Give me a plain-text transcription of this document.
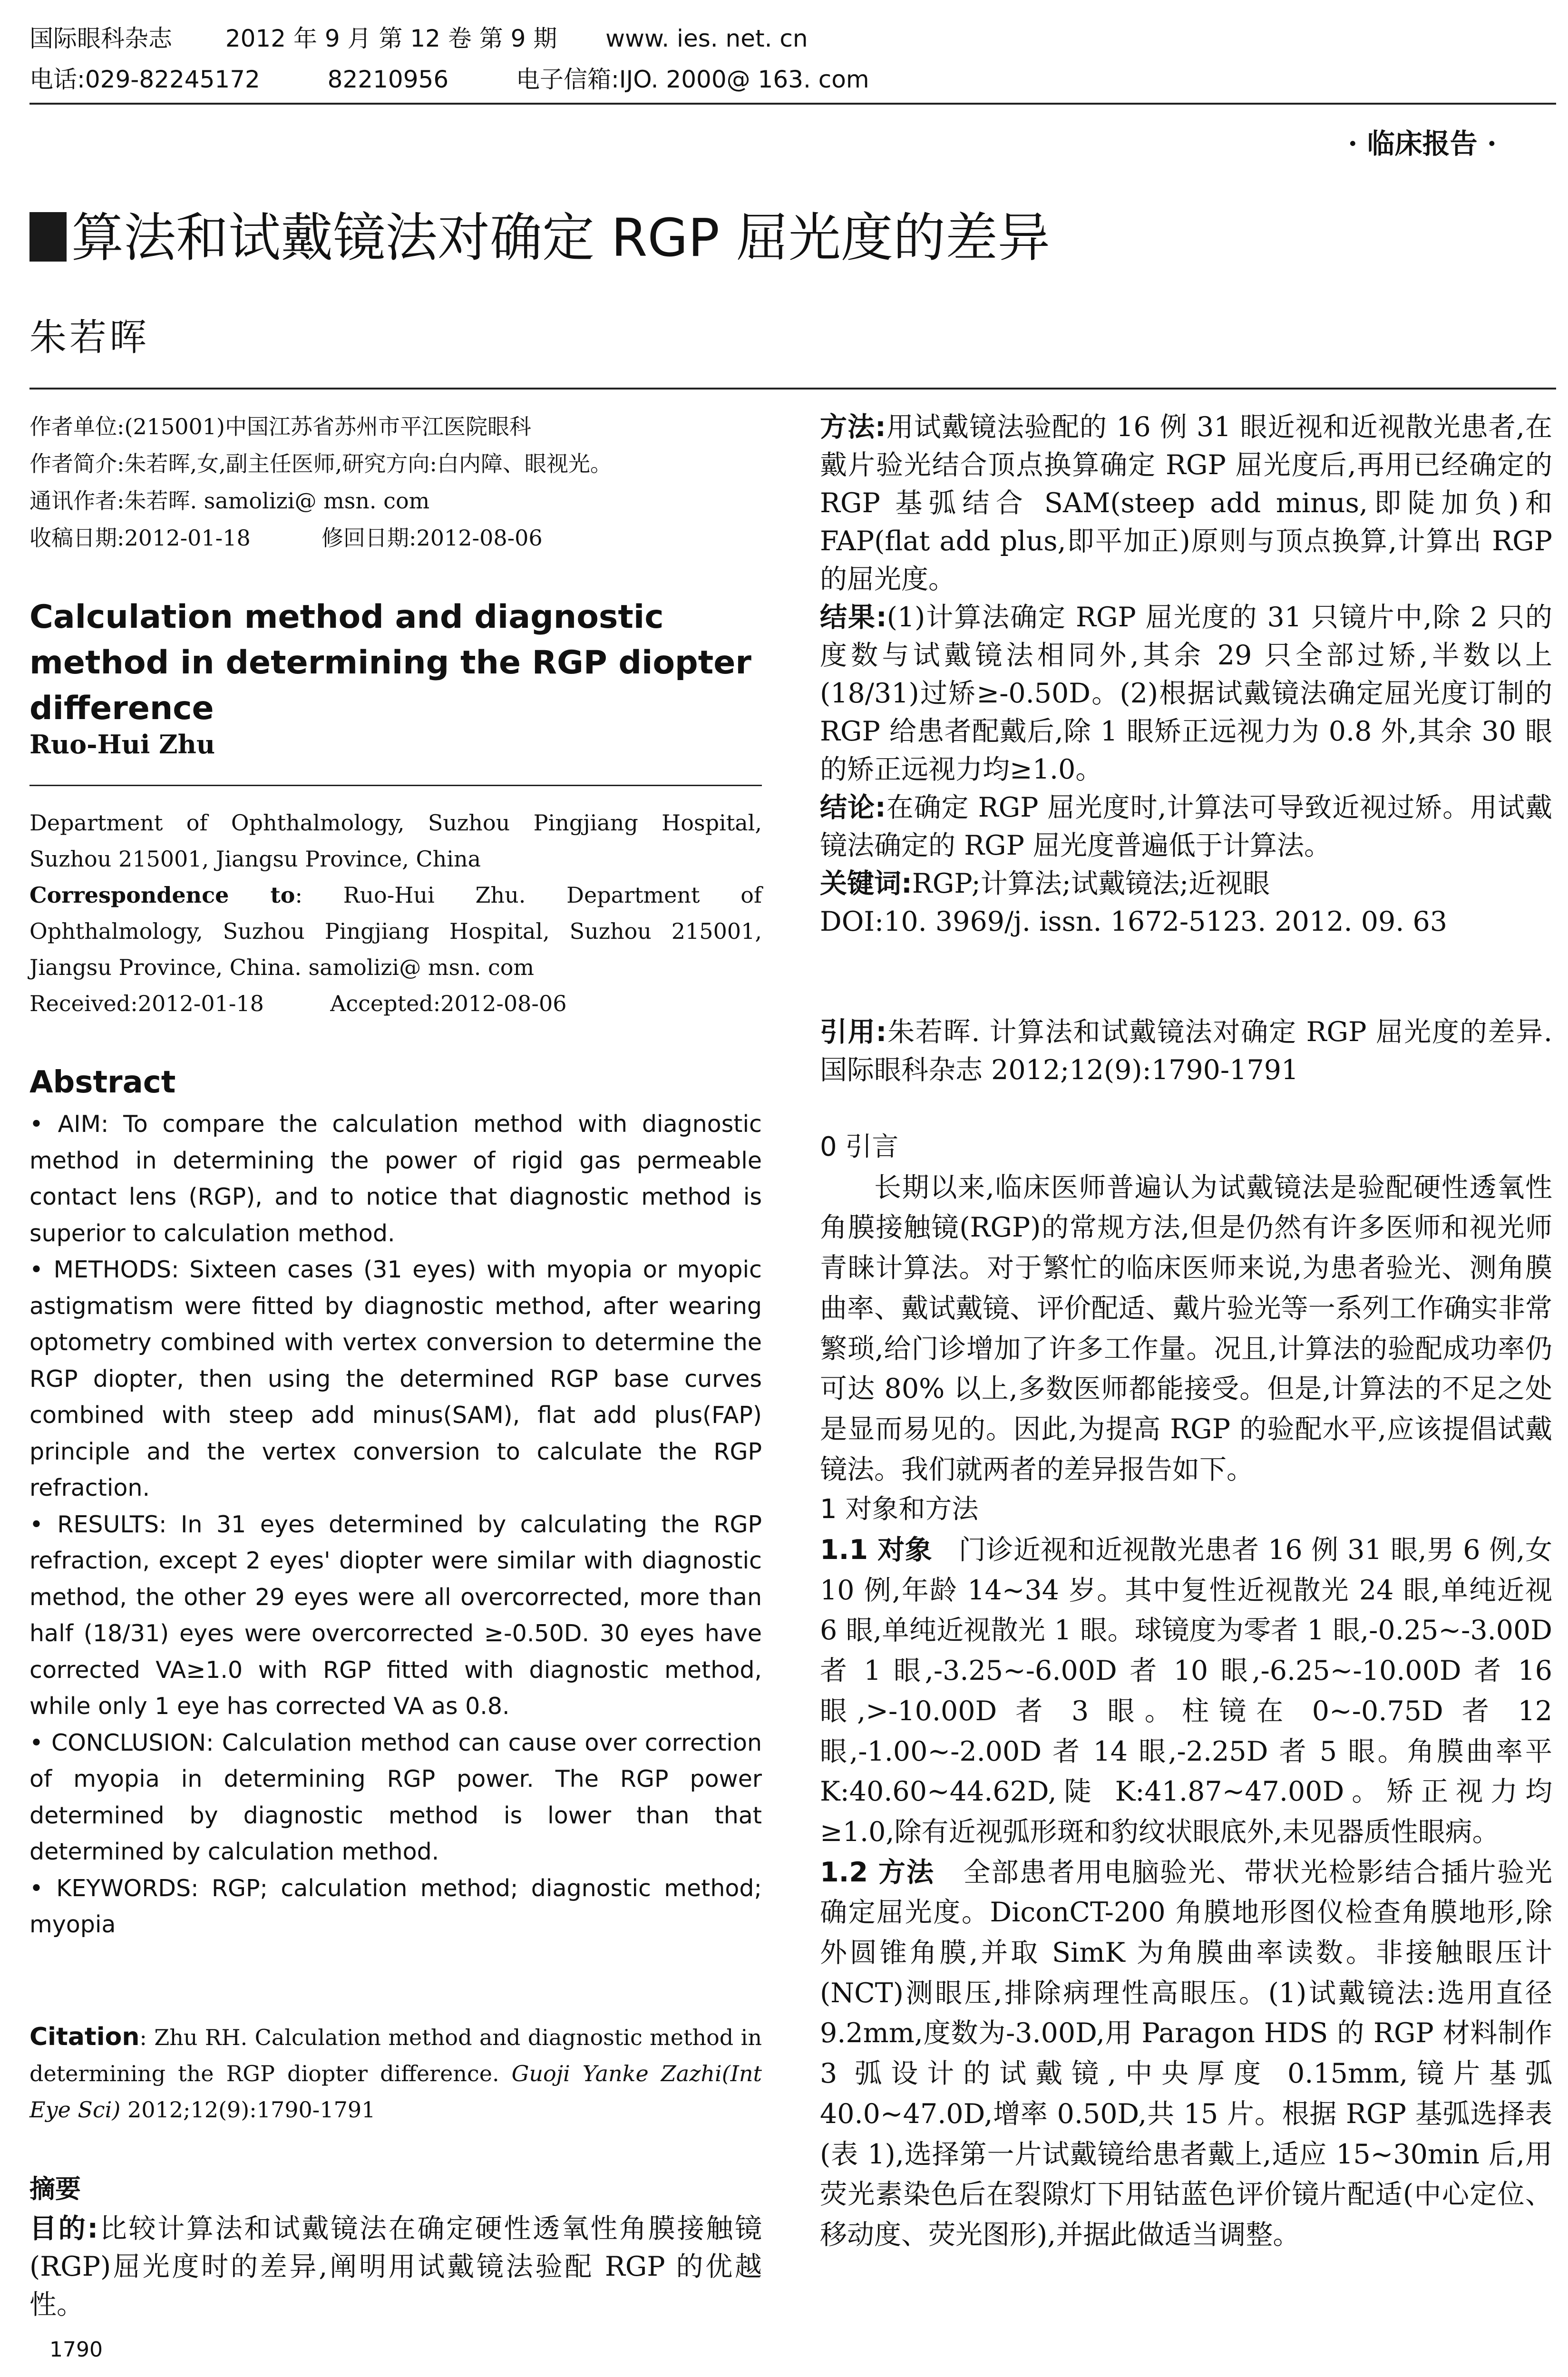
国际眼科杂志 2012 年 9 月 第 12 卷 第 9 期 www. ies. net. cn
电话:029-82245172	82210956	电子信箱:IJO. 2000@ 163. com
· 临床报告 ·
算法和试戴镜法对确定 RGP 屈光度的差异
朱若晖
作者单位:(215001)中国江苏省苏州市平江医院眼科
作者简介:朱若晖,女,副主任医师,研究方向:白内障、眼视光。
通讯作者:朱若晖. samolizi@ msn. com
收稿日期:2012-01-18	修回日期:2012-08-06
Calculation method and diagnostic method in determining the RGP diopter difference
Ruo-Hui Zhu
Department of Ophthalmology, Suzhou Pingjiang Hospital, Suzhou 215001, Jiangsu Province, China
Correspondence to: Ruo-Hui Zhu. Department of Ophthalmology, Suzhou Pingjiang Hospital, Suzhou 215001, Jiangsu Province, China. samolizi@ msn. com
Received:2012-01-18	Accepted:2012-08-06
Abstract

• AIM: To compare the calculation method with diagnostic method in determining the power of rigid gas permeable contact lens (RGP), and to notice that diagnostic method is superior to calculation method.

• METHODS: Sixteen cases (31 eyes) with myopia or myopic astigmatism were fitted by diagnostic method, after wearing optometry combined with vertex conversion to determine the RGP diopter, then using the determined RGP base curves combined with steep add minus(SAM), flat add plus(FAP) principle and the vertex conversion to calculate the RGP refraction.

• RESULTS: In 31 eyes determined by calculating the RGP refraction, except 2 eyes' diopter were similar with diagnostic method, the other 29 eyes were all overcorrected, more than half (18/31) eyes were overcorrected ≥-0.50D. 30 eyes have corrected VA≥1.0 with RGP fitted with diagnostic method, while only 1 eye has corrected VA as 0.8.

• CONCLUSION: Calculation method can cause over correction of myopia in determining RGP power. The RGP power determined by diagnostic method is lower than that determined by calculation method.

• KEYWORDS: RGP; calculation method; diagnostic method; myopia

Citation: Zhu RH. Calculation method and diagnostic method in determining the RGP diopter difference. Guoji Yanke Zazhi(Int Eye Sci) 2012;12(9):1790-1791
摘要

目的:比较计算法和试戴镜法在确定硬性透氧性角膜接触镜(RGP)屈光度时的差异,阐明用试戴镜法验配 RGP 的优越性。

1790

方法:用试戴镜法验配的 16 例 31 眼近视和近视散光患者,在戴片验光结合顶点换算确定 RGP 屈光度后,再用已经确定的 RGP 基弧结合 SAM(steep add minus,即陡加负)和 FAP(flat add plus,即平加正)原则与顶点换算,计算出 RGP 的屈光度。

结果:(1)计算法确定 RGP 屈光度的 31 只镜片中,除 2 只的度数与试戴镜法相同外,其余 29 只全部过矫,半数以上(18/31)过矫≥-0.50D。(2)根据试戴镜法确定屈光度订制的 RGP 给患者配戴后,除 1 眼矫正远视力为 0.8 外,其余 30 眼的矫正远视力均≥1.0。

结论:在确定 RGP 屈光度时,计算法可导致近视过矫。用试戴镜法确定的 RGP 屈光度普遍低于计算法。

关键词:RGP;计算法;试戴镜法;近视眼

DOI:10. 3969/j. issn. 1672-5123. 2012. 09. 63

引用:朱若晖. 计算法和试戴镜法对确定 RGP 屈光度的差异. 国际眼科杂志 2012;12(9):1790-1791

0 引言

长期以来,临床医师普遍认为试戴镜法是验配硬性透氧性角膜接触镜(RGP)的常规方法,但是仍然有许多医师和视光师青睐计算法。对于繁忙的临床医师来说,为患者验光、测角膜曲率、戴试戴镜、评价配适、戴片验光等一系列工作确实非常繁琐,给门诊增加了许多工作量。况且,计算法的验配成功率仍可达 80% 以上,多数医师都能接受。但是,计算法的不足之处是显而易见的。因此,为提高 RGP 的验配水平,应该提倡试戴镜法。我们就两者的差异报告如下。

1 对象和方法

1.1 对象 门诊近视和近视散光患者 16 例 31 眼,男 6 例,女 10 例,年龄 14~34 岁。其中复性近视散光 24 眼,单纯近视 6 眼,单纯近视散光 1 眼。球镜度为零者 1 眼,-0.25~-3.00D 者 1 眼,-3.25~-6.00D 者 10 眼,-6.25~-10.00D 者 16 眼,>-10.00D 者 3 眼。柱镜在 0~-0.75D 者 12 眼,-1.00~-2.00D 者 14 眼,-2.25D 者 5 眼。角膜曲率平 K:40.60~44.62D,陡 K:41.87~47.00D。矫正视力均≥1.0,除有近视弧形斑和豹纹状眼底外,未见器质性眼病。

1.2 方法 全部患者用电脑验光、带状光检影结合插片验光确定屈光度。DiconCT-200 角膜地形图仪检查角膜地形,除外圆锥角膜,并取 SimK 为角膜曲率读数。非接触眼压计(NCT)测眼压,排除病理性高眼压。(1)试戴镜法:选用直径 9.2mm,度数为-3.00D,用 Paragon HDS 的 RGP 材料制作 3 弧设计的试戴镜,中央厚度 0.15mm,镜片基弧 40.0~47.0D,增率 0.50D,共 15 片。根据 RGP 基弧选择表(表 1),选择第一片试戴镜给患者戴上,适应 15~30min 后,用荧光素染色后在裂隙灯下用钴蓝色评价镜片配适(中心定位、移动度、荧光图形),并据此做适当调整。
